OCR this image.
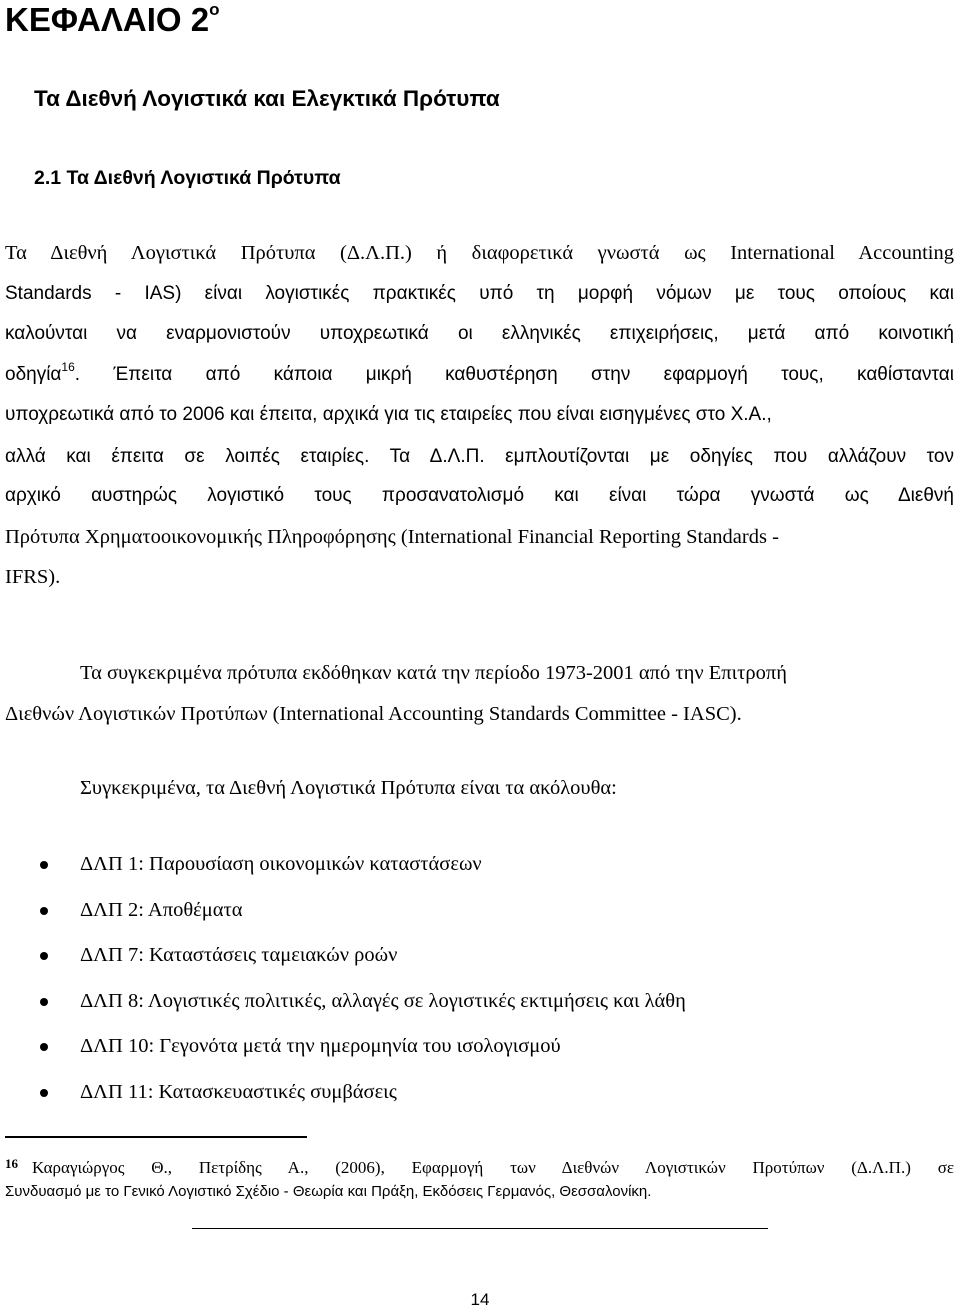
ΚΕΦΑΛΑΙΟ $2^o$
Τα Διεθνή Λογιστικά και Ελεγκτικά Πρότυπα
2.1 Τα Διεθνή Λογιστικά Πρότυπα
Τα Διεθνή Λογιστικά Πρότυπα (Δ.Λ.Π.) ή διαφορετικά γνωστά ως International Accounting
Standards - IAS) είναι λογιστικές πρακτικές υπό τη μορφή νόμων με τους οποίους και
καλούνται να εναρμονιστούν υποχρεωτικά οι ελληνικές επιχειρήσεις, μετά από κοινοτική
οδηγία$^{16}$. Έπειτα από κάποια μικρή καθυστέρηση στην εφαρμογή τους, καθίστανται
υποχρεωτικά από το 2006 και έπειτα, αρχικά για τις εταιρείες που είναι εισηγμένες στο Χ.Α.,
αλλά και έπειτα σε λοιπές εταιρίες. Τα Δ.Λ.Π. εμπλουτίζονται με οδηγίες που αλλάζουν τον
αρχικό αυστηρώς λογιστικό τους προσανατολισμό και είναι τώρα γνωστά ως Διεθνή
Πρότυπα Χρηματοοικονομικής Πληροφόρησης (International Financial Reporting Standards -
IFRS).
Τα συγκεκριμένα πρότυπα εκδόθηκαν κατά την περίοδο 1973-2001 από την Επιτροπή
Διεθνών Λογιστικών Προτύπων (International Accounting Standards Committee - IASC).
Συγκεκριμένα, τα Διεθνή Λογιστικά Πρότυπα είναι τα ακόλουθα:
ΔΛΠ 1: Παρουσίαση οικονομικών καταστάσεων
ΔΛΠ 2: Αποθέματα
ΔΛΠ 7: Καταστάσεις ταμειακών ροών
ΔΛΠ 8: Λογιστικές πολιτικές, αλλαγές σε λογιστικές εκτιμήσεις και λάθη
ΔΛΠ 10: Γεγονότα μετά την ημερομηνία του ισολογισμού
ΔΛΠ 11: Κατασκευαστικές συμβάσεις
$^{16}$ Καραγιώργος Θ., Πετρίδης Α., (2006), Εφαρμογή των Διεθνών Λογιστικών Προτύπων (Δ.Λ.Π.) σε
Συνδυασμό με το Γενικό Λογιστικό Σχέδιο - Θεωρία και Πράξη, Εκδόσεις Γερμανός, Θεσσαλονίκη.
14
